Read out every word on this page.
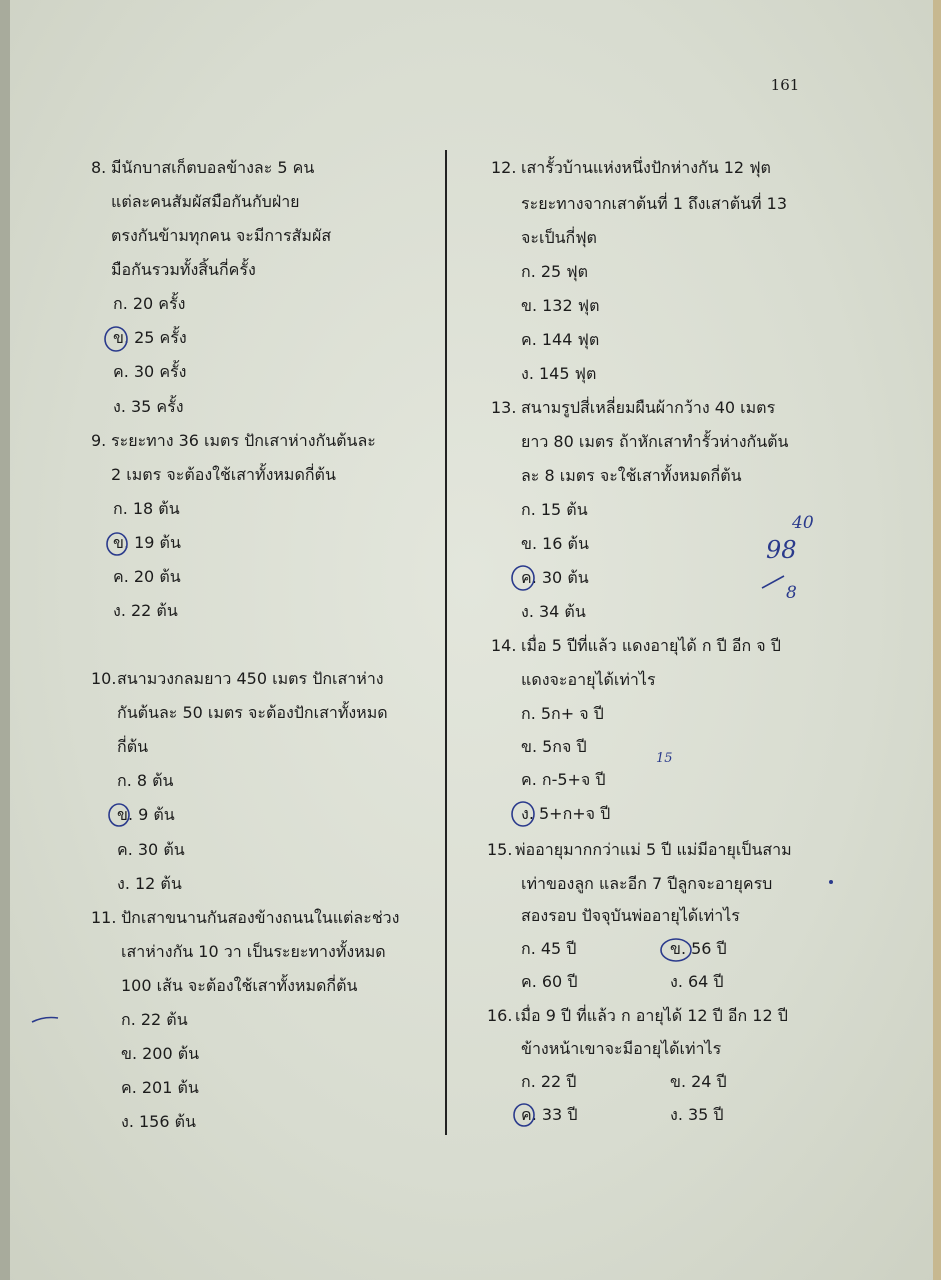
161
8. มีนักบาสเก็ตบอลข้างละ 5 คน
แต่ละคนสัมผัสมือกันกับฝ่าย
ตรงกันข้ามทุกคน จะมีการสัมผัส
มือกันรวมทั้งสิ้นกี่ครั้ง
ก. 20 ครั้ง
ข. 25 ครั้ง
ค. 30 ครั้ง
ง. 35 ครั้ง
9. ระยะทาง 36 เมตร ปักเสาห่างกันต้นละ
2 เมตร จะต้องใช้เสาทั้งหมดกี่ต้น
ก. 18 ต้น
ข. 19 ต้น
ค. 20 ต้น
ง. 22 ต้น
10. สนามวงกลมยาว 450 เมตร ปักเสาห่าง
กันต้นละ 50 เมตร จะต้องปักเสาทั้งหมด
กี่ต้น
ก. 8 ต้น
ข. 9 ต้น
ค. 30 ต้น
ง. 12 ต้น
11. ปักเสาขนานกันสองข้างถนนในแต่ละช่วง
เสาห่างกัน 10 วา เป็นระยะทางทั้งหมด
100 เส้น จะต้องใช้เสาทั้งหมดกี่ต้น
ก. 22 ต้น
ข. 200 ต้น
ค. 201 ต้น
ง. 156 ต้น
12. เสารั้วบ้านแห่งหนึ่งปักห่างกัน 12 ฟุต
ระยะทางจากเสาต้นที่ 1 ถึงเสาต้นที่ 13
จะเป็นกี่ฟุต
ก. 25 ฟุต
ข. 132 ฟุต
ค. 144 ฟุต
ง. 145 ฟุต
13. สนามรูปสี่เหลี่ยมผืนผ้ากว้าง 40 เมตร
ยาว 80 เมตร ถ้าหักเสาทำรั้วห่างกันต้น
ละ 8 เมตร จะใช้เสาทั้งหมดกี่ต้น
ก. 15 ต้น
ข. 16 ต้น
ค. 30 ต้น
ง. 34 ต้น
14. เมื่อ 5 ปีที่แล้ว แดงอายุได้ ก ปี อีก จ ปี
แดงจะอายุได้เท่าไร
ก. 5ก+ จ ปี
ข. 5กจ ปี
ค. ก-5+จ ปี
ง. 5+ก+จ ปี
15. พ่ออายุมากกว่าแม่ 5 ปี แม่มีอายุเป็นสาม
เท่าของลูก และอีก 7 ปีลูกจะอายุครบ
สองรอบ ปัจจุบันพ่ออายุได้เท่าไร
ก. 45 ปี	ข. 56 ปี
ค. 60 ปี	ง. 64 ปี
16. เมื่อ 9 ปี ที่แล้ว ก อายุได้ 12 ปี อีก 12 ปี
ข้างหน้าเขาจะมีอายุได้เท่าไร
ก. 22 ปี	ข. 24 ปี
ค. 33 ปี	ง. 35 ปี
40
98
8
15
